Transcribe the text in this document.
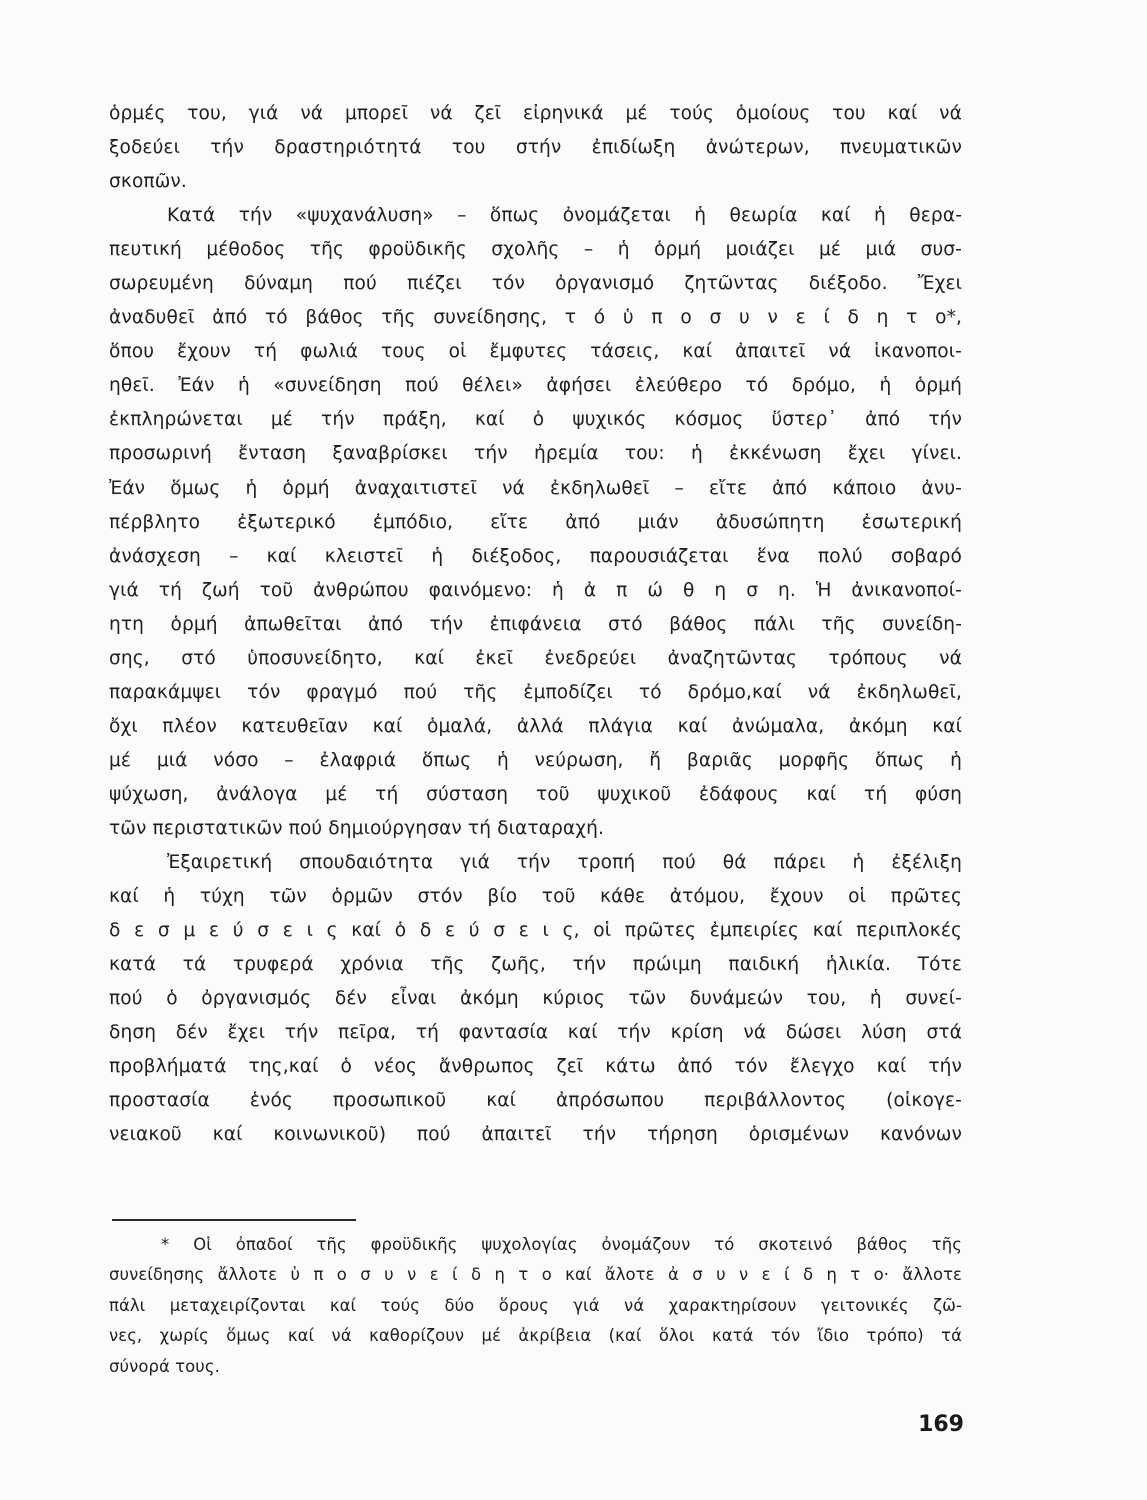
ὁρμές του, γιά νά μπορεῖ νά ζεῖ εἰρηνικά μέ τούς ὁμοίους του καί νά
ξοδεύει τήν δραστηριότητά του στήν ἐπιδίωξη ἀνώτερων, πνευματικῶν
σκοπῶν.
Κατά τήν «ψυχανάλυση» – ὅπως ὀνομάζεται ἡ θεωρία καί ἡ θερα-
πευτική μέθοδος τῆς φροϋδικῆς σχολῆς – ἡ ὁρμή μοιάζει μέ μιά συσ-
σωρευμένη δύναμη πού πιέζει τόν ὀργανισμό ζητῶντας διέξοδο. Ἔχει
ἀναδυθεῖ ἀπό τό βάθος τῆς συνείδησης, τ ό ὑ π ο σ υ ν ε ί δ η τ ο*,
ὅπου ἔχουν τή φωλιά τους οἱ ἔμφυτες τάσεις, καί ἀπαιτεῖ νά ἱκανοποι-
ηθεῖ. Ἐάν ἡ «συνείδηση πού θέλει» ἀφήσει ἐλεύθερο τό δρόμο, ἡ ὁρμή
ἐκπληρώνεται μέ τήν πράξη, καί ὁ ψυχικός κόσμος ὕστερ᾽ ἀπό τήν
προσωρινή ἔνταση ξαναβρίσκει τήν ἠρεμία του: ἡ ἐκκένωση ἔχει γίνει.
Ἐάν ὅμως ἡ ὁρμή ἀναχαιτιστεῖ νά ἐκδηλωθεῖ – εἴτε ἀπό κάποιο ἀνυ-
πέρβλητο ἐξωτερικό ἐμπόδιο, εἴτε ἀπό μιάν ἀδυσώπητη ἐσωτερική
ἀνάσχεση – καί κλειστεῖ ἡ διέξοδος, παρουσιάζεται ἕνα πολύ σοβαρό
γιά τή ζωή τοῦ ἀνθρώπου φαινόμενο: ἡ ἀ π ώ θ η σ η. Ἡ ἀνικανοποί-
ητη ὁρμή ἀπωθεῖται ἀπό τήν ἐπιφάνεια στό βάθος πάλι τῆς συνείδη-
σης, στό ὑποσυνείδητο, καί ἐκεῖ ἐνεδρεύει ἀναζητῶντας τρόπους νά
παρακάμψει τόν φραγμό πού τῆς ἐμποδίζει τό δρόμο,καί νά ἐκδηλωθεῖ,
ὄχι πλέον κατευθεῖαν καί ὁμαλά, ἀλλά πλάγια καί ἀνώμαλα, ἀκόμη καί
μέ μιά νόσο – ἐλαφριά ὅπως ἡ νεύρωση, ἤ βαριᾶς μορφῆς ὅπως ἡ
ψύχωση, ἀνάλογα μέ τή σύσταση τοῦ ψυχικοῦ ἐδάφους καί τή φύση
τῶν περιστατικῶν πού δημιούργησαν τή διαταραχή.
Ἐξαιρετική σπουδαιότητα γιά τήν τροπή πού θά πάρει ἡ ἐξέλιξη
καί ἡ τύχη τῶν ὁρμῶν στόν βίο τοῦ κάθε ἀτόμου, ἔχουν οἱ πρῶτες
δ ε σ μ ε ύ σ ε ι ς καί ὁ δ ε ύ σ ε ι ς, οἱ πρῶτες ἐμπειρίες καί περιπλοκές
κατά τά τρυφερά χρόνια τῆς ζωῆς, τήν πρώιμη παιδική ἡλικία. Τότε
πού ὁ ὀργανισμός δέν εἶναι ἀκόμη κύριος τῶν δυνάμεών του, ἡ συνεί-
δηση δέν ἔχει τήν πεῖρα, τή φαντασία καί τήν κρίση νά δώσει λύση στά
προβλήματά της,καί ὁ νέος ἄνθρωπος ζεῖ κάτω ἀπό τόν ἔλεγχο καί τήν
προστασία ἑνός προσωπικοῦ καί ἀπρόσωπου περιβάλλοντος (οἰκογε-
νειακοῦ καί κοινωνικοῦ) πού ἀπαιτεῖ τήν τήρηση ὁρισμένων κανόνων
* Οἱ ὀπαδοί τῆς φροϋδικῆς ψυχολογίας ὀνομάζουν τό σκοτεινό βάθος τῆς
συνείδησης ἄλλοτε ὑ π ο σ υ ν ε ί δ η τ ο καί ἄλοτε ἀ σ υ ν ε ί δ η τ ο· ἄλλοτε
πάλι μεταχειρίζονται καί τούς δύο ὅρους γιά νά χαρακτηρίσουν γειτονικές ζῶ-
νες, χωρίς ὅμως καί νά καθορίζουν μέ ἀκρίβεια (καί ὅλοι κατά τόν ἴδιο τρόπο) τά
σύνορά τους.
169
